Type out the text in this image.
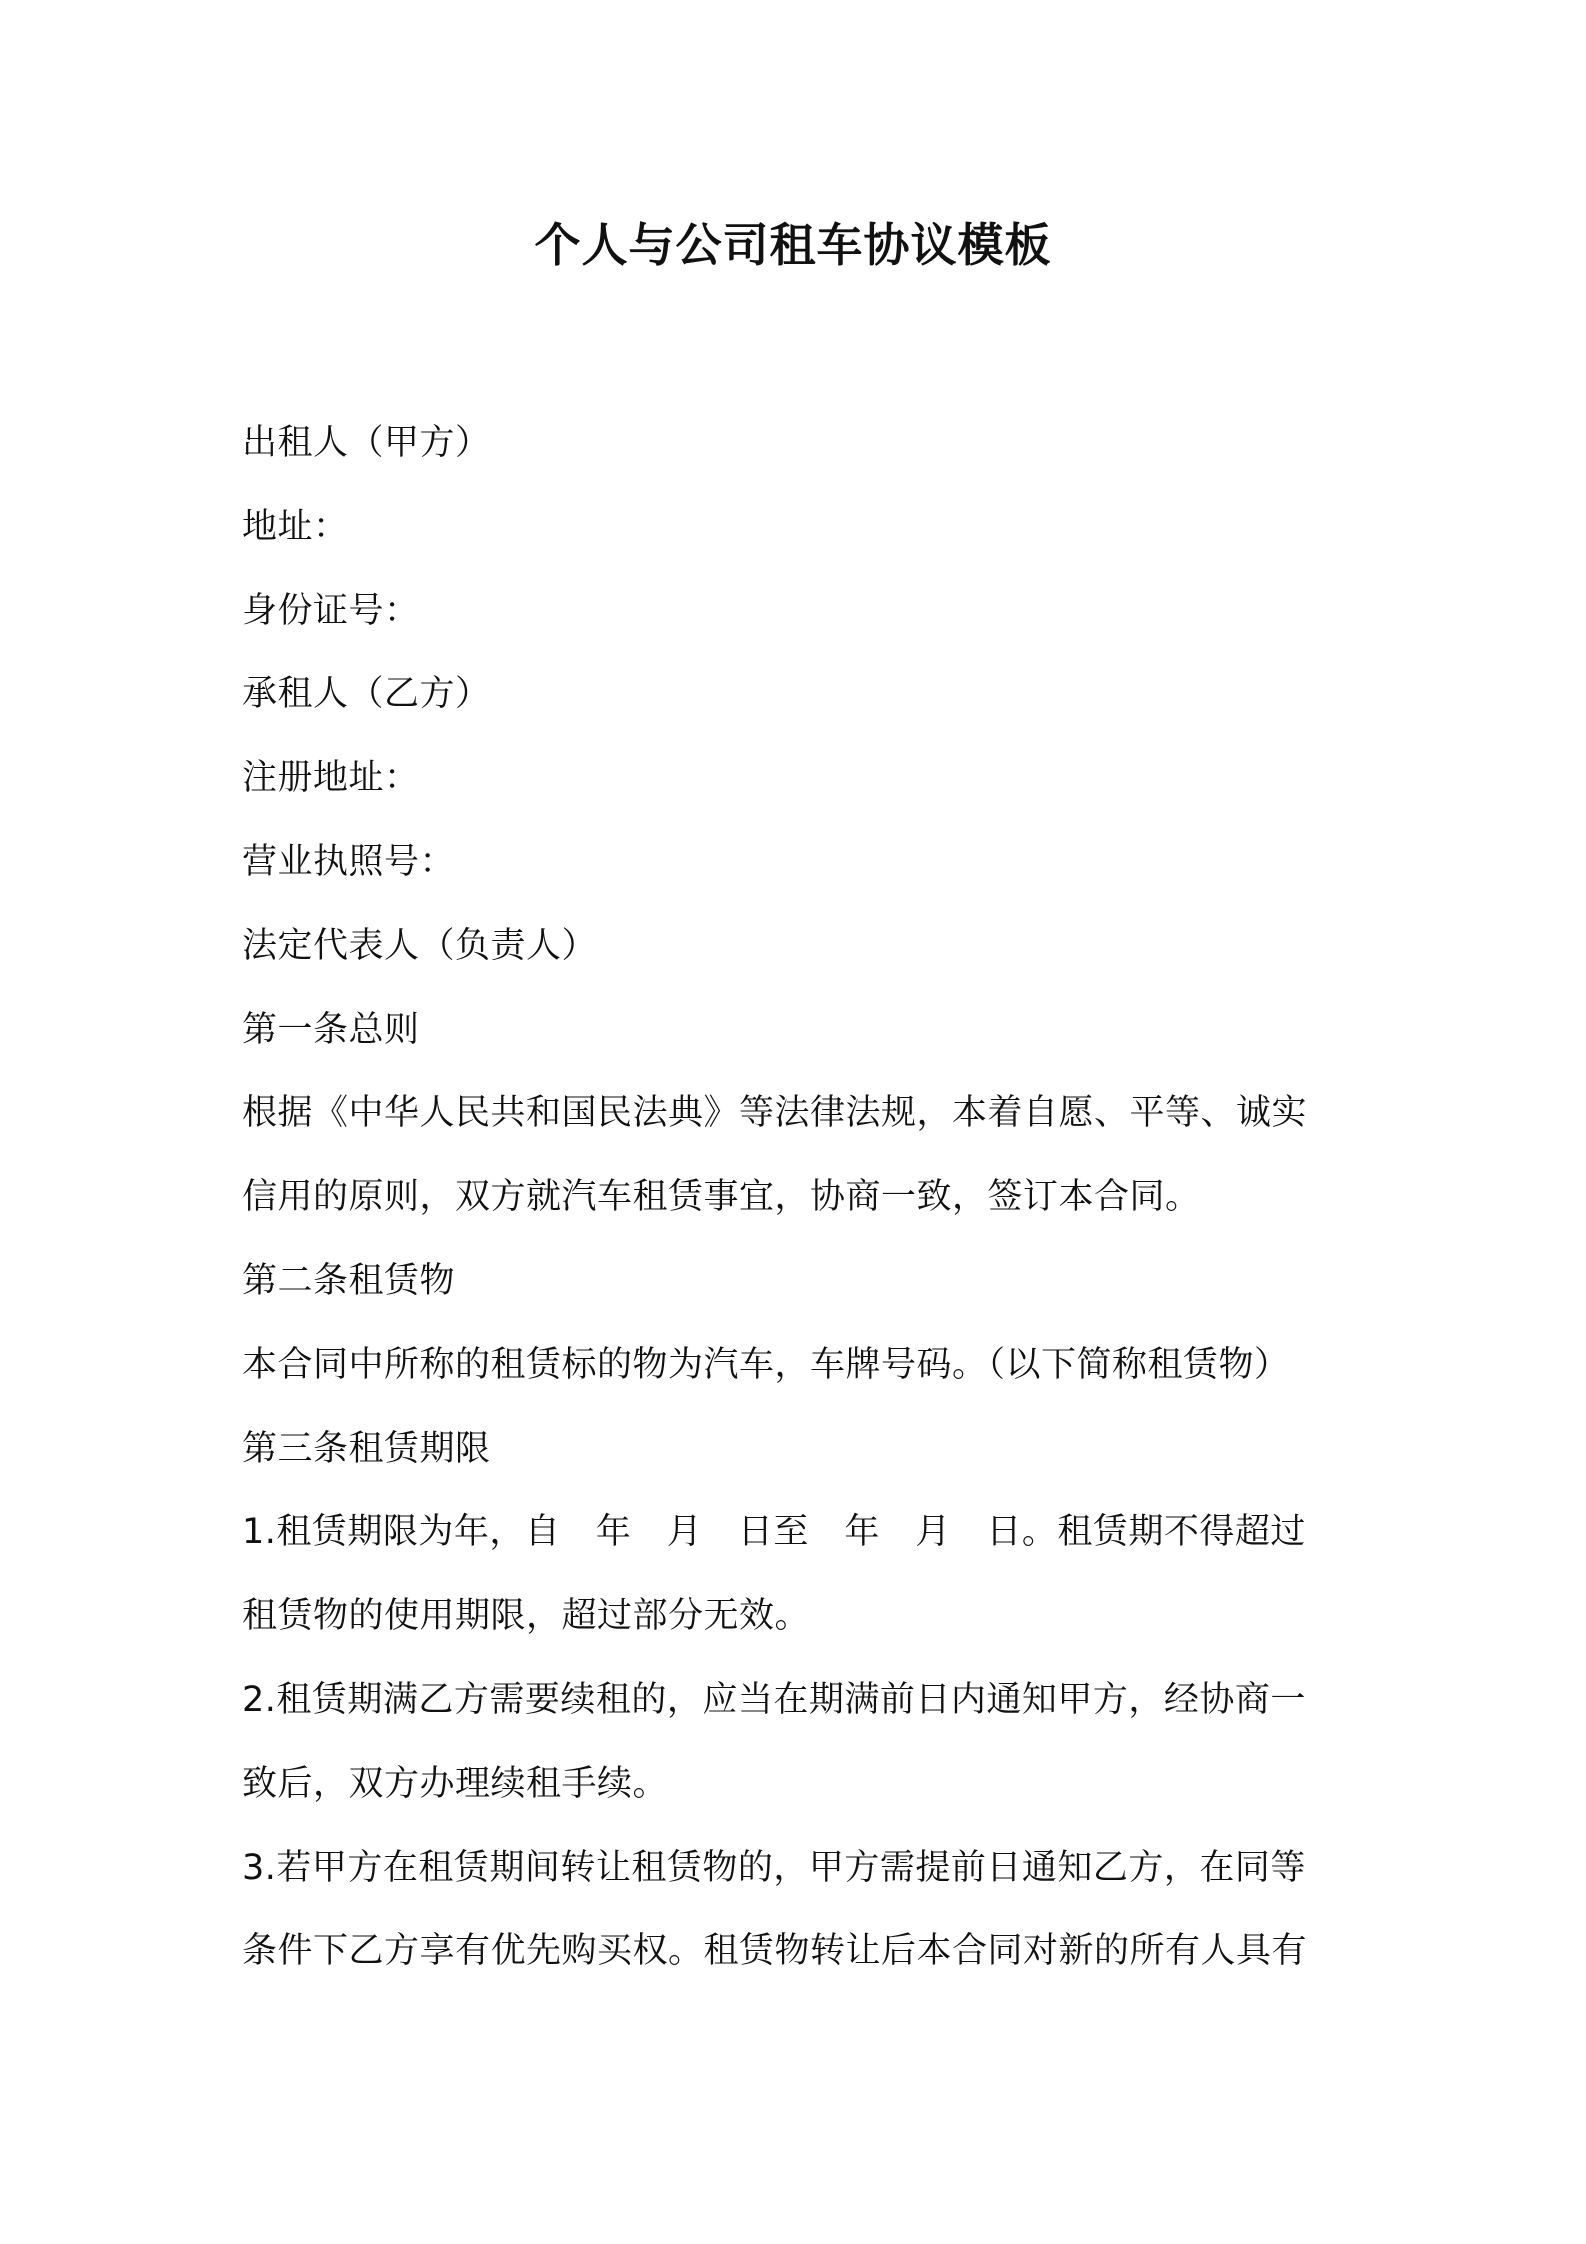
个人与公司租车协议模板
出租人（甲方）
地址：
身份证号：
承租人（乙方）
注册地址：
营业执照号：
法定代表人（负责人）
第一条总则
根据《中华人民共和国民法典》等法律法规，本着自愿、平等、诚实
信用的原则，双方就汽车租赁事宜，协商一致，签订本合同。
第二条租赁物
本合同中所称的租赁标的物为汽车，车牌号码。（以下简称租赁物）
第三条租赁期限
1.租赁期限为年，自　年　月　日至　年　月　日。租赁期不得超过
租赁物的使用期限，超过部分无效。
2.租赁期满乙方需要续租的，应当在期满前日内通知甲方，经协商一
致后，双方办理续租手续。
3.若甲方在租赁期间转让租赁物的，甲方需提前日通知乙方，在同等
条件下乙方享有优先购买权。租赁物转让后本合同对新的所有人具有
